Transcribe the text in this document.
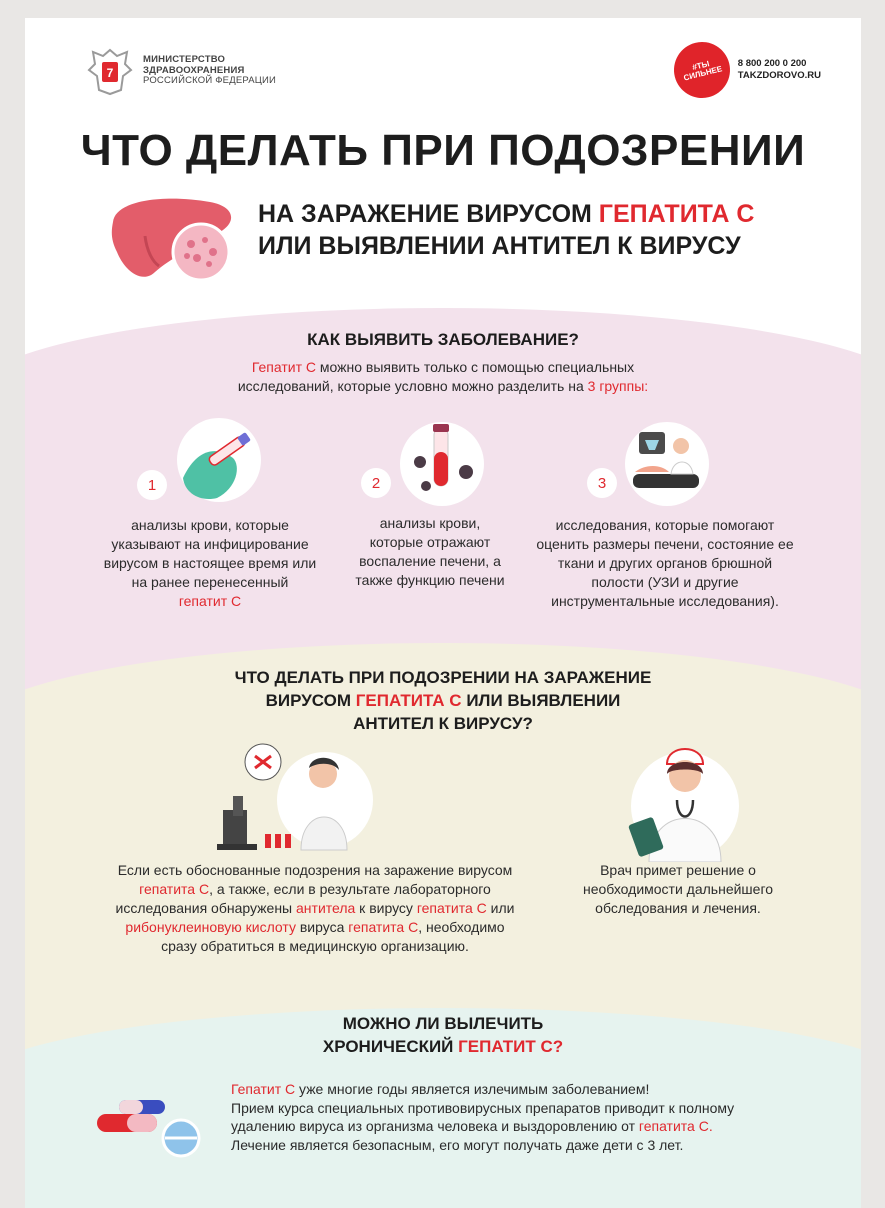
7
МИНИСТЕРСТВО
ЗДРАВООХРАНЕНИЯ
РОССИЙСКОЙ ФЕДЕРАЦИИ
#ТЫ СИЛЬНЕЕ
8 800 200 0 200
TAKZDOROVO.RU
ЧТО ДЕЛАТЬ ПРИ ПОДОЗРЕНИИ
НА ЗАРАЖЕНИЕ ВИРУСОМ ГЕПАТИТА С
ИЛИ ВЫЯВЛЕНИИ АНТИТЕЛ К ВИРУСУ
КАК ВЫЯВИТЬ ЗАБОЛЕВАНИЕ?
Гепатит С можно выявить только с помощью специальных
исследований, которые условно можно разделить на 3 группы:
1	2	3
анализы крови, которые указывают на инфицирование вирусом в настоящее время или на ранее перенесенный
гепатит С
анализы крови, которые отражают воспаление печени, а также функцию печени
исследования, которые помогают оценить размеры печени, состояние ее ткани и других органов брюшной полости (УЗИ и другие инструментальные исследования).
ЧТО ДЕЛАТЬ ПРИ ПОДОЗРЕНИИ НА ЗАРАЖЕНИЕ
ВИРУСОМ ГЕПАТИТА С ИЛИ ВЫЯВЛЕНИИ
АНТИТЕЛ К ВИРУСУ?
Если есть обоснованные подозрения на заражение вирусом
гепатита С, а также, если в результате лабораторного
исследования обнаружены антитела к вирусу гепатита С или
рибонуклеиновую кислоту вируса гепатита С, необходимо
сразу обратиться в медицинскую организацию.
Врач примет решение о необходимости дальнейшего обследования и лечения.
МОЖНО ЛИ ВЫЛЕЧИТЬ
ХРОНИЧЕСКИЙ ГЕПАТИТ С?
Гепатит С уже многие годы является излечимым заболеванием!
Прием курса специальных противовирусных препаратов приводит к полному
удалению вируса из организма человека и выздоровлению от гепатита С.
Лечение является безопасным, его могут получать даже дети с 3 лет.
